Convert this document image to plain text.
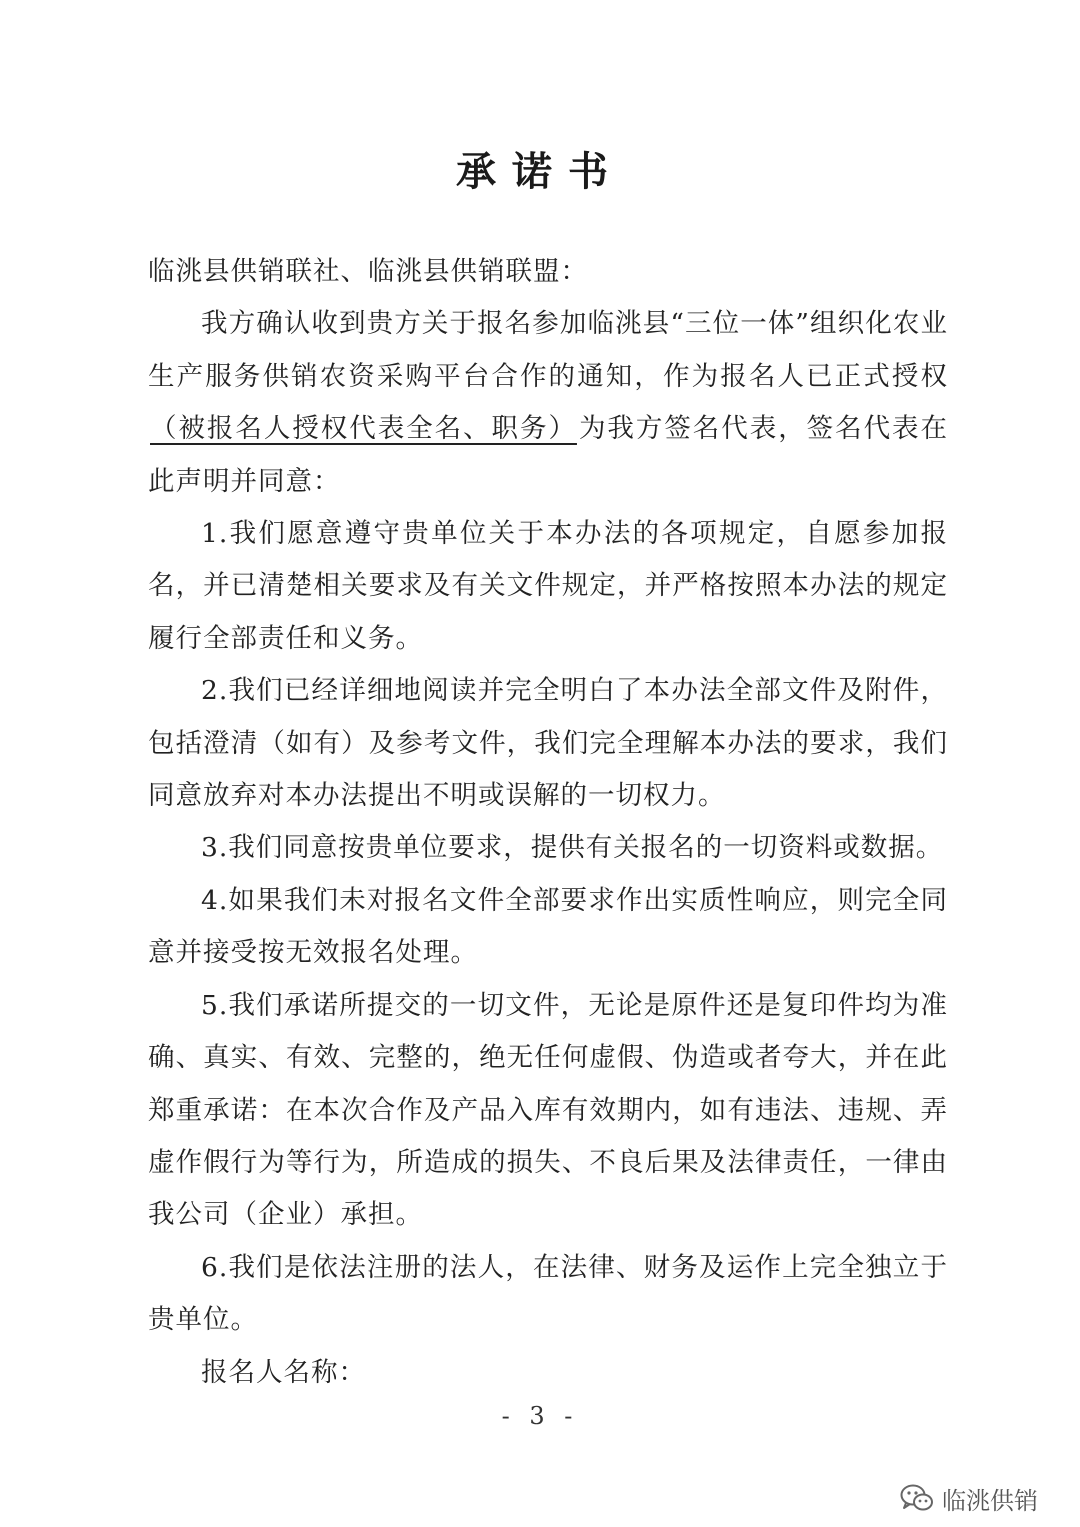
承诺书

临洮县供销联社、临洮县供销联盟：

我方确认收到贵方关于报名参加临洮县“三位一体”组织化农业生产服务供销农资采购平台合作的通知，作为报名人已正式授权（被报名人授权代表全名、职务）为我方签名代表，签名代表在此声明并同意：

1.我们愿意遵守贵单位关于本办法的各项规定，自愿参加报名，并已清楚相关要求及有关文件规定，并严格按照本办法的规定履行全部责任和义务。

2.我们已经详细地阅读并完全明白了本办法全部文件及附件，包括澄清（如有）及参考文件，我们完全理解本办法的要求，我们同意放弃对本办法提出不明或误解的一切权力。

3.我们同意按贵单位要求，提供有关报名的一切资料或数据。

4.如果我们未对报名文件全部要求作出实质性响应，则完全同意并接受按无效报名处理。

5.我们承诺所提交的一切文件，无论是原件还是复印件均为准确、真实、有效、完整的，绝无任何虚假、伪造或者夸大，并在此郑重承诺：在本次合作及产品入库有效期内，如有违法、违规、弄虚作假行为等行为，所造成的损失、不良后果及法律责任，一律由我公司（企业）承担。

6.我们是依法注册的法人，在法律、财务及运作上完全独立于贵单位。

报名人名称：

- 3 -
临洮供销
